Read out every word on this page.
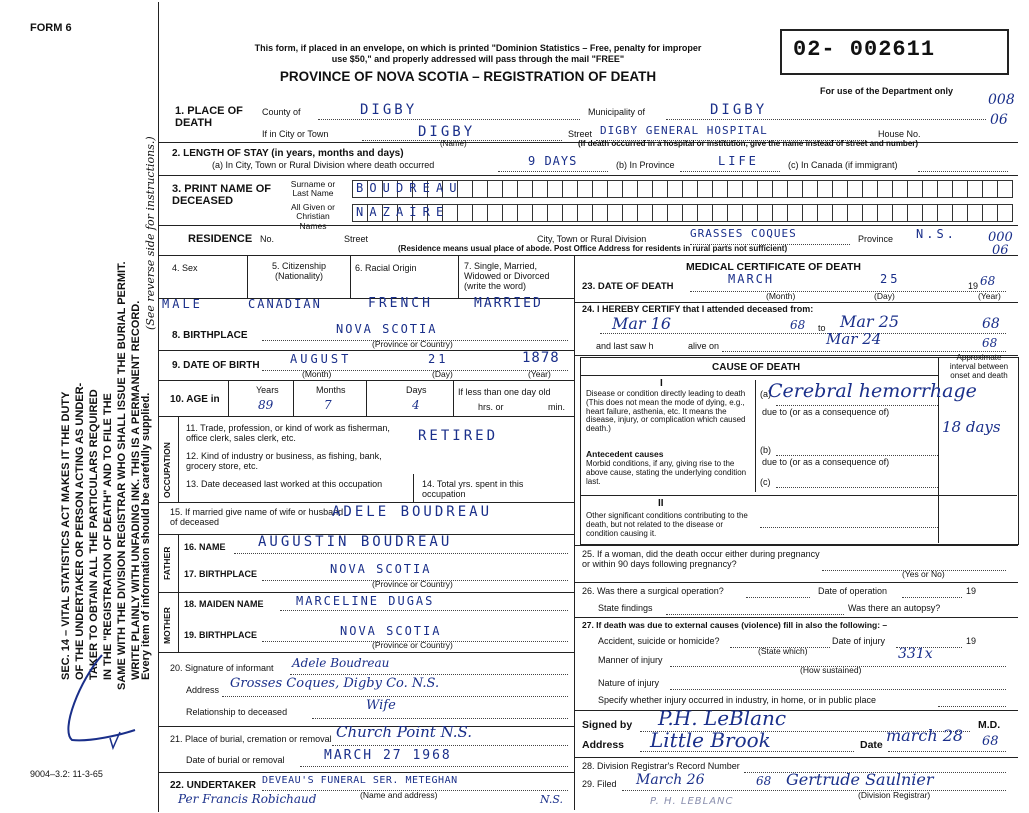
FORM 6
SEC. 14 – VITAL STATISTICS ACT MAKES IT THE DUTY OF THE UNDERTAKER OR PERSON ACTING AS UNDER- TAKER TO OBTAIN ALL THE PARTICULARS REQUIRED IN THE "REGISTRATION OF DEATH" AND TO FILE THE SAME WITH THE DIVISION REGISTRAR WHO SHALL ISSUE THE BURIAL PERMIT. WRITE PLAINLY WITH UNFADING INK. THIS IS A PERMANENT RECORD.
Every item of information should be carefully supplied.
(See reverse side for instructions.)
9004–3.2: 11-3-65
This form, if placed in an envelope, on which is printed "Dominion Statistics – Free, penalty for improper
use $50," and properly addressed will pass through the mail "FREE"
PROVINCE OF NOVA SCOTIA – REGISTRATION OF DEATH
02- 002611
For use of the Department only
008
06
000
06
1. PLACE OF DEATH
County of	DIGBY	Municipality of	DIGBY
If in City or Town	DIGBY
(Name)
Street DIGBY GENERAL HOSPITAL	House No.
(If death occurred in a hospital or institution, give the name instead of street and number)
2. LENGTH OF STAY (in years, months and days)
(a) In City, Town or Rural Division where death occurred	9 DAYS	(b) In Province	LIFE	(c) In Canada (if immigrant)
3. PRINT NAME OF DECEASED
Surname or Last Name	BOUDREAU
All Given or Christian Names
NAZAIRE
RESIDENCE No.	Street	City, Town or Rural Division	GRASSES COQUES	Province N.S.
(Residence means usual place of abode. Post Office Address for residents in rural parts not sufficient)
4. Sex	5. Citizenship (Nationality)
6. Racial Origin	7. Single, Married, Widowed or Divorced (write the word)
MALE	CANADIAN	FRENCH	MARRIED
8. BIRTHPLACE	NOVA SCOTIA
(Province or Country)
9. DATE OF BIRTH	AUGUST	21	1878
(Month)	(Day)	(Year)
10. AGE in
Years	Months	Days
89	7	4
If less than one day old
hrs. or	min.
OCCUPATION
11. Trade, profession, or kind of work as fisherman, office clerk, sales clerk, etc.	RETIRED
12. Kind of industry or business, as fishing, bank, grocery store, etc.
13. Date deceased last worked at this occupation	14. Total yrs. spent in this occupation
15. If married give name of wife or husband of deceased
ADELE BOUDREAU
FATHER 16. NAME AUGUSTIN BOUDREAU
17. BIRTHPLACE	NOVA SCOTIA
(Province or Country)
MOTHER
18. MAIDEN NAME	MARCELINE DUGAS
19. BIRTHPLACE	NOVA SCOTIA
(Province or Country)
20. Signature of informant Adele Boudreau
Address Grosses Coques, Digby Co. N.S.
Relationship to deceased	Wife
21. Place of burial, cremation or removal Church Point N.S.
Date of burial or removal	MARCH 27 1968
22. UNDERTAKER DEVEAU'S FUNERAL SER. METEGHAN
(Name and address)
Per Francis Robichaud	N.S.
MEDICAL CERTIFICATE OF DEATH
23. DATE OF DEATH
MARCH	25	19 68
(Month)	(Day)	(Year)
24. I HEREBY CERTIFY that I attended deceased from:
Mar 16	68 to Mar 25	68
and last saw h	alive on	Mar 24	68
CAUSE OF DEATH
Approximate interval between onset and death
I
Disease or condition directly leading to death (This does not mean the mode of dying, e.g., heart failure, asthenia, etc. It means the disease, injury, or complication which caused death.)
(a)
Cerebral hemorrhage
due to (or as a consequence of)
18 days
Antecedent causes
Morbid conditions, if any, giving rise to the above cause, stating the underlying condition last.
(b)
due to (or as a consequence of)
(c)
II
Other significant conditions contributing to the death, but not related to the disease or condition causing it.
25. If a woman, did the death occur either during pregnancy or within 90 days following pregnancy?
(Yes or No)
26. Was there a surgical operation?	Date of operation	19
State findings	Was there an autopsy?
27. If death was due to external causes (violence) fill in also the following: –
Accident, suicide or homicide?	Date of injury	19
(State which)	331x
Manner of injury
(How sustained)
Nature of injury
Specify whether injury occurred in industry, in home, or in public place
Signed by P.H. LeBlanc	M.D.
Address Little Brook	Date march 28 68
28. Division Registrar's Record Number
29. Filed March 26	68 Gertrude Saulnier
(Division Registrar)
P. H. LEBLANC
